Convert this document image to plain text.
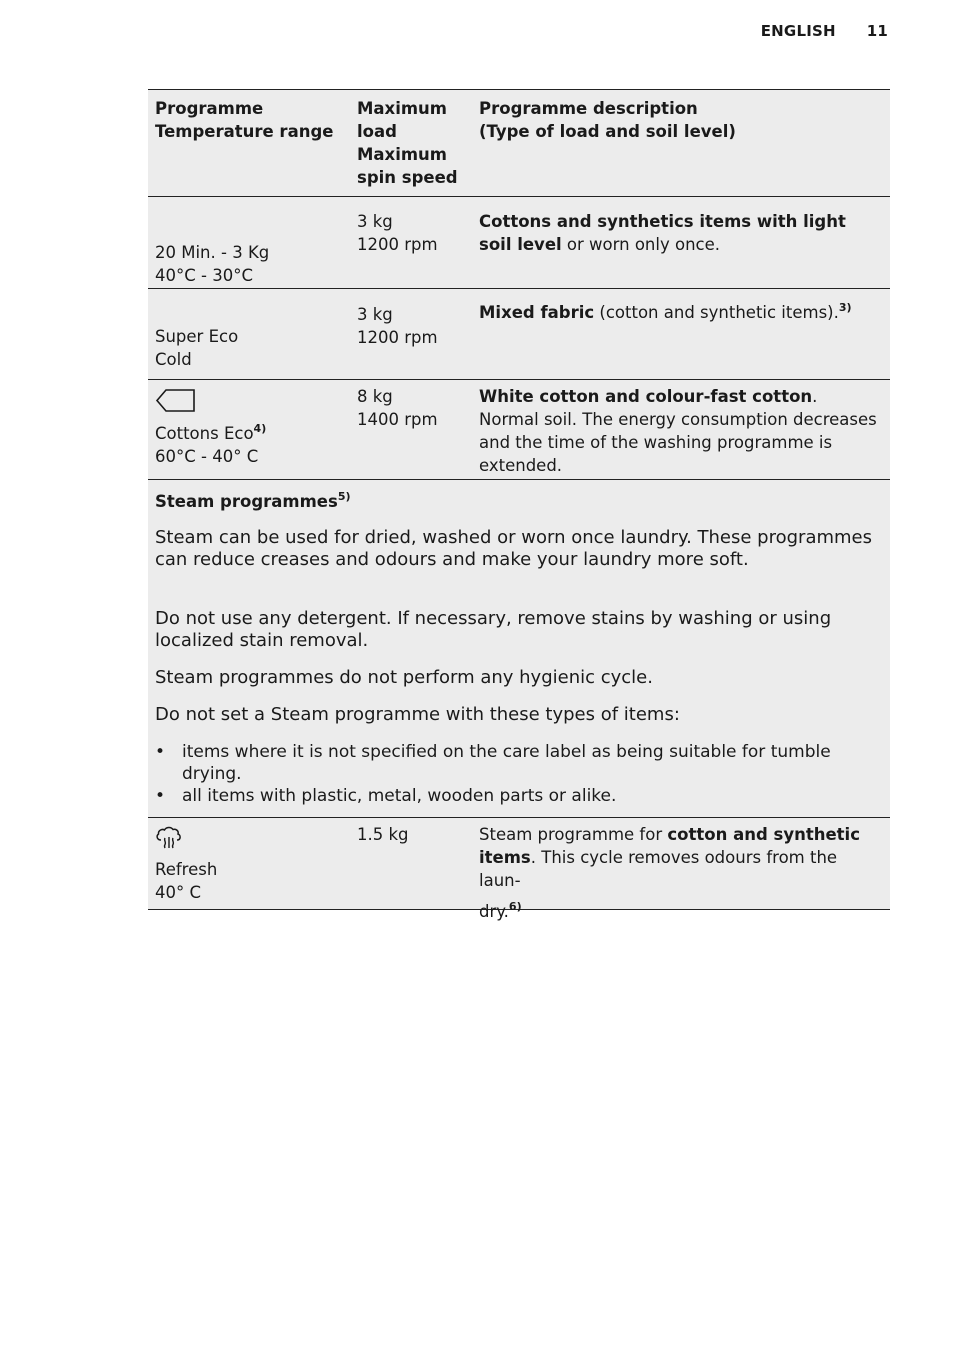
ENGLISH 11
Programme
Temperature range
Maximum
load
Maximum
spin speed
Programme description
(Type of load and soil level)
20 Min. - 3 Kg
40°C - 30°C
3 kg
1200 rpm
Cottons and synthetics items with light soil level or worn only once.
Super Eco
Cold
3 kg
1200 rpm
Mixed fabric (cotton and synthetic items).$^{3)}$
Cottons Eco$^{4)}$
60°C - 40° C
8 kg
1400 rpm
White cotton and colour-fast cotton. Normal soil. The energy consumption decreases and the time of the washing programme is extended.
Steam programmes$^{5)}$

Steam can be used for dried, washed or worn once laundry. These programmes can reduce creases and odours and make your laundry more soft.

Do not use any detergent. If necessary, remove stains by washing or using localized stain removal.

Steam programmes do not perform any hygienic cycle.

Do not set a Steam programme with these types of items:

• items where it is not specified on the care label as being suitable for tumble drying.
• all items with plastic, metal, wooden parts or alike.
Refresh
40° C
1.5 kg	Steam programme for cotton and synthetic items. This cycle removes odours from the laun-
dry.$^{6)}$
